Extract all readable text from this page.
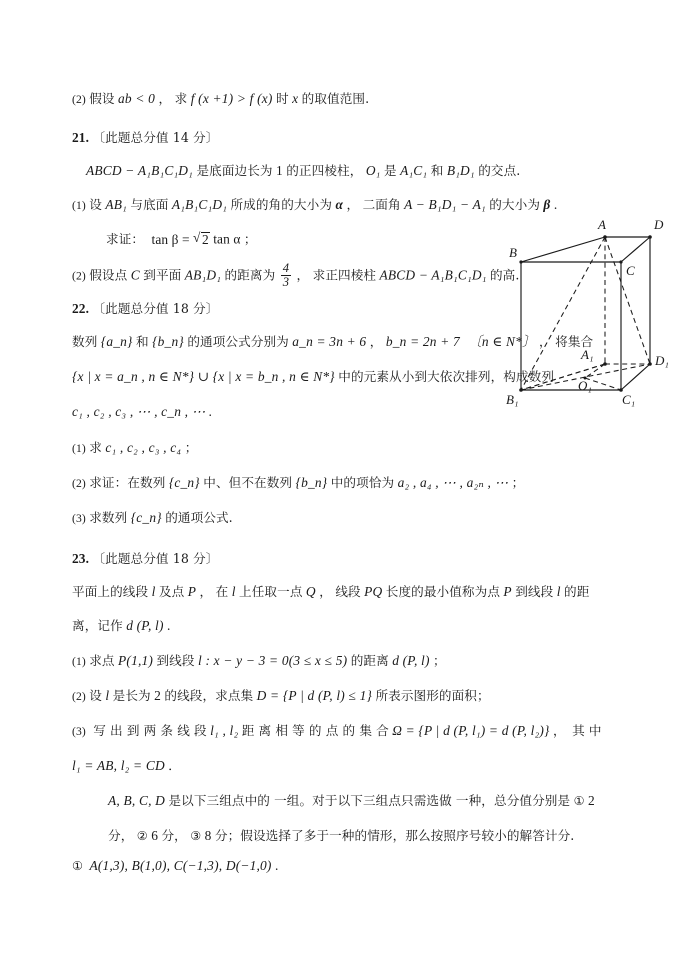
(2) 假设 ab < 0 ， 求 f (x +1) > f (x) 时 x 的取值范围.
21. 〔此题总分值 14 分〕
ABCD − A₁B₁C₁D₁ 是底面边长为 1 的正四棱柱， O₁ 是 A₁C₁ 和 B₁D₁ 的交点.
(1) 设 AB₁ 与底面 A₁B₁C₁D₁ 所成的角的大小为 α ， 二面角 A − B₁D₁ − A₁ 的大小为 β .
求证： tan β = √ 2 tan α ；
(2) 假设点 C 到平面 AB₁D₁ 的距离为 $\frac{4}{3}$ ， 求正四棱柱 ABCD − A₁B₁C₁D₁ 的高.
22. 〔此题总分值 18 分〕
数列 {a_n} 和 {b_n} 的通项公式分别为 a_n = 3n + 6 ， b_n = 2n + 7 〔n ∈ N*〕 ， 将集合
{x | x = a_n , n ∈ N*} ∪ {x | x = b_n , n ∈ N*} 中的元素从小到大依次排列，构成数列
c₁ , c₂ , c₃ , ⋯ , c_n , ⋯ .
(1) 求 c₁ , c₂ , c₃ , c₄ ；
(2) 求证：在数列 {c_n} 中、但不在数列 {b_n} 中的项恰为 a₂ , a₄ , ⋯ , a₂ₙ , ⋯ ；
(3) 求数列 {c_n} 的通项公式.
23. 〔此题总分值 18 分〕
平面上的线段 l 及点 P ， 在 l 上任取一点 Q ， 线段 PQ 长度的最小值称为点 P 到线段 l 的距
离，记作 d (P, l) .
(1) 求点 P(1,1) 到线段 l : x − y − 3 = 0(3 ≤ x ≤ 5) 的距离 d (P, l) ；
(2) 设 l 是长为 2 的线段，求点集 D = {P | d (P, l) ≤ 1} 所表示图形的面积；
(3) 写 出 到 两 条 线 段 l₁ , l₂ 距 离 相 等 的 点 的 集 合 Ω = {P | d (P, l₁) = d (P, l₂)} ， 其 中
l₁ = AB, l₂ = CD ．
A, B, C, D 是以下三组点中的 一组。对于以下三组点只需选做 一种，总分值分别是 ① 2
分， ② 6 分， ③ 8 分；假设选择了多于一种的情形，那么按照序号较小的解答计分.
① A(1,3), B(1,0), C(−1,3), D(−1,0) .
A
B
C
D
A₁
B₁	C₁
D₁
O₁
